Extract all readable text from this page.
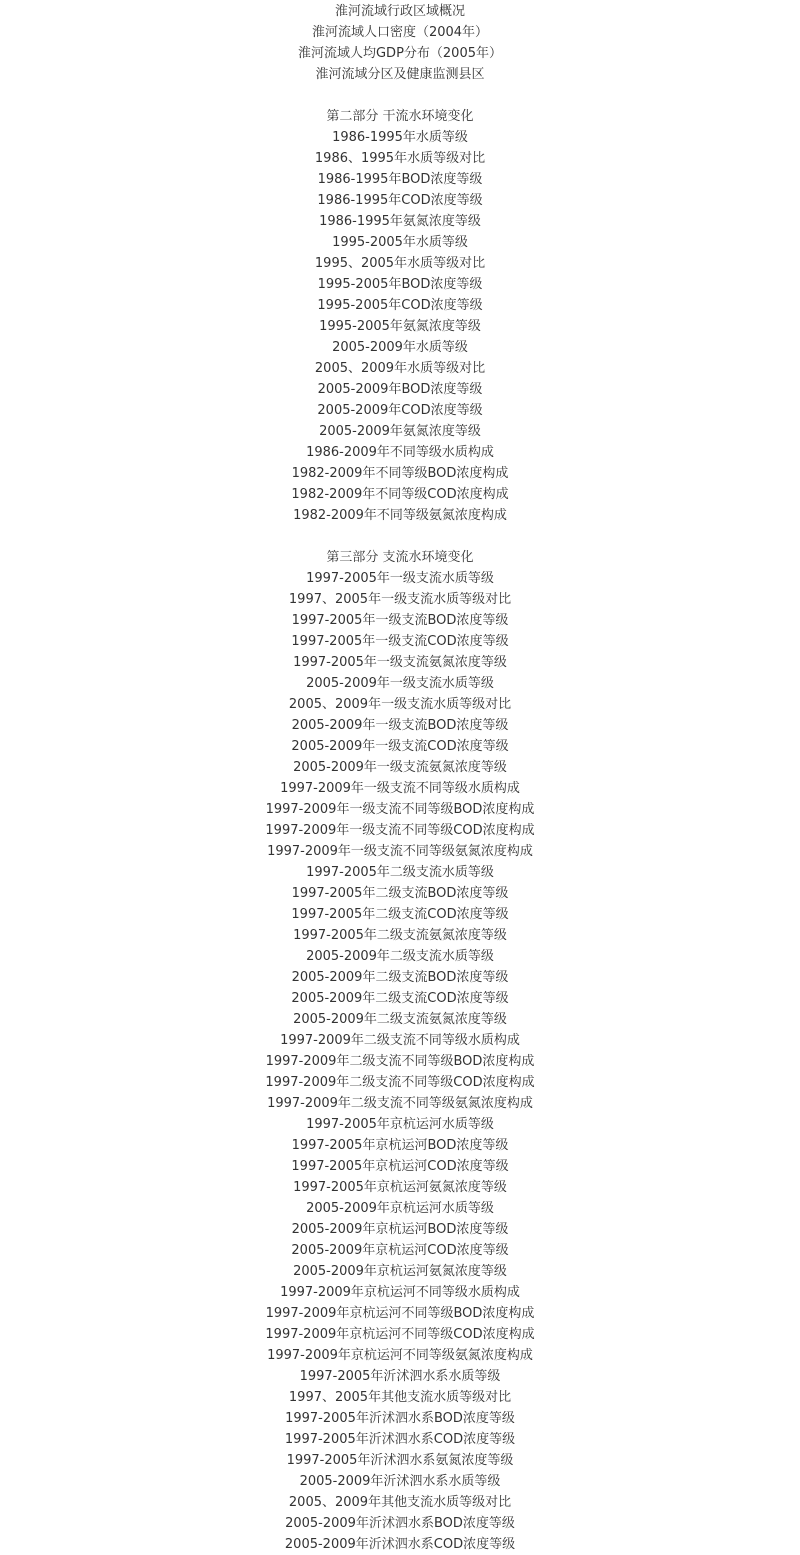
淮河流域行政区域概况
淮河流域人口密度（2004年）
淮河流域人均GDP分布（2005年）
淮河流域分区及健康监测县区
第二部分 干流水环境变化
1986-1995年水质等级
1986、1995年水质等级对比
1986-1995年BOD浓度等级
1986-1995年COD浓度等级
1986-1995年氨氮浓度等级
1995-2005年水质等级
1995、2005年水质等级对比
1995-2005年BOD浓度等级
1995-2005年COD浓度等级
1995-2005年氨氮浓度等级
2005-2009年水质等级
2005、2009年水质等级对比
2005-2009年BOD浓度等级
2005-2009年COD浓度等级
2005-2009年氨氮浓度等级
1986-2009年不同等级水质构成
1982-2009年不同等级BOD浓度构成
1982-2009年不同等级COD浓度构成
1982-2009年不同等级氨氮浓度构成
第三部分 支流水环境变化
1997-2005年一级支流水质等级
1997、2005年一级支流水质等级对比
1997-2005年一级支流BOD浓度等级
1997-2005年一级支流COD浓度等级
1997-2005年一级支流氨氮浓度等级
2005-2009年一级支流水质等级
2005、2009年一级支流水质等级对比
2005-2009年一级支流BOD浓度等级
2005-2009年一级支流COD浓度等级
2005-2009年一级支流氨氮浓度等级
1997-2009年一级支流不同等级水质构成
1997-2009年一级支流不同等级BOD浓度构成
1997-2009年一级支流不同等级COD浓度构成
1997-2009年一级支流不同等级氨氮浓度构成
1997-2005年二级支流水质等级
1997-2005年二级支流BOD浓度等级
1997-2005年二级支流COD浓度等级
1997-2005年二级支流氨氮浓度等级
2005-2009年二级支流水质等级
2005-2009年二级支流BOD浓度等级
2005-2009年二级支流COD浓度等级
2005-2009年二级支流氨氮浓度等级
1997-2009年二级支流不同等级水质构成
1997-2009年二级支流不同等级BOD浓度构成
1997-2009年二级支流不同等级COD浓度构成
1997-2009年二级支流不同等级氨氮浓度构成
1997-2005年京杭运河水质等级
1997-2005年京杭运河BOD浓度等级
1997-2005年京杭运河COD浓度等级
1997-2005年京杭运河氨氮浓度等级
2005-2009年京杭运河水质等级
2005-2009年京杭运河BOD浓度等级
2005-2009年京杭运河COD浓度等级
2005-2009年京杭运河氨氮浓度等级
1997-2009年京杭运河不同等级水质构成
1997-2009年京杭运河不同等级BOD浓度构成
1997-2009年京杭运河不同等级COD浓度构成
1997-2009年京杭运河不同等级氨氮浓度构成
1997-2005年沂沭泗水系水质等级
1997、2005年其他支流水质等级对比
1997-2005年沂沭泗水系BOD浓度等级
1997-2005年沂沭泗水系COD浓度等级
1997-2005年沂沭泗水系氨氮浓度等级
2005-2009年沂沭泗水系水质等级
2005、2009年其他支流水质等级对比
2005-2009年沂沭泗水系BOD浓度等级
2005-2009年沂沭泗水系COD浓度等级
